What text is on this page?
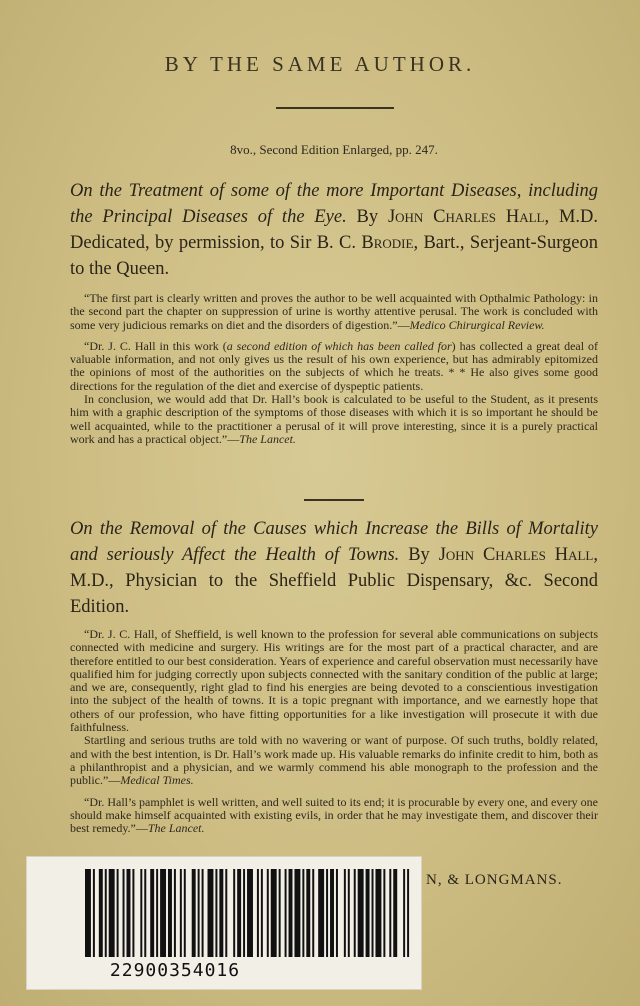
BY THE SAME AUTHOR.
8vo., Second Edition Enlarged, pp. 247.
On the Treatment of some of the more Important Diseases, including the Principal Diseases of the Eye. By John Charles Hall, M.D. Dedicated, by permission, to Sir B. C. Brodie, Bart., Serjeant-Surgeon to the Queen.

“The first part is clearly written and proves the author to be well acquainted with Opthalmic Pathology: in the second part the chapter on suppression of urine is worthy attentive perusal. The work is concluded with some very judicious remarks on diet and the disorders of digestion.”—Medico Chirurgical Review.

“Dr. J. C. Hall in this work (a second edition of which has been called for) has collected a great deal of valuable information, and not only gives us the result of his own experience, but has admirably epitomized the opinions of most of the authorities on the subjects of which he treats. * * He also gives some good directions for the regulation of the diet and exercise of dyspeptic patients.

In conclusion, we would add that Dr. Hall’s book is calculated to be useful to the Student, as it presents him with a graphic description of the symptoms of those diseases with which it is so important he should be well acquainted, while to the practitioner a perusal of it will prove interesting, since it is a purely practical work and has a practical object.”—The Lancet.

On the Removal of the Causes which Increase the Bills of Mortality and seriously Affect the Health of Towns. By John Charles Hall, M.D., Physician to the Sheffield Public Dispensary, &c. Second Edition.

“Dr. J. C. Hall, of Sheffield, is well known to the profession for several able communications on subjects connected with medicine and surgery. His writings are for the most part of a practical character, and are therefore entitled to our best consideration. Years of experience and careful observation must necessarily have qualified him for judging correctly upon subjects connected with the sanitary condition of the public at large; and we are, consequently, right glad to find his energies are being devoted to a conscientious investigation into the subject of the health of towns. It is a topic pregnant with importance, and we earnestly hope that others of our profession, who have fitting opportunities for a like investigation will prosecute it with due faithfulness.

Startling and serious truths are told with no wavering or want of purpose. Of such truths, boldly related, and with the best intention, is Dr. Hall’s work made up. His valuable remarks do infinite credit to him, both as a philanthropist and a physician, and we warmly commend his able monograph to the profession and the public.”—Medical Times.

“Dr. Hall’s pamphlet is well written, and well suited to its end; it is procurable by every one, and every one should make himself acquainted with existing evils, in order that he may investigate them, and discover their best remedy.”—The Lancet.

N, & LONGMANS.
22900354016
